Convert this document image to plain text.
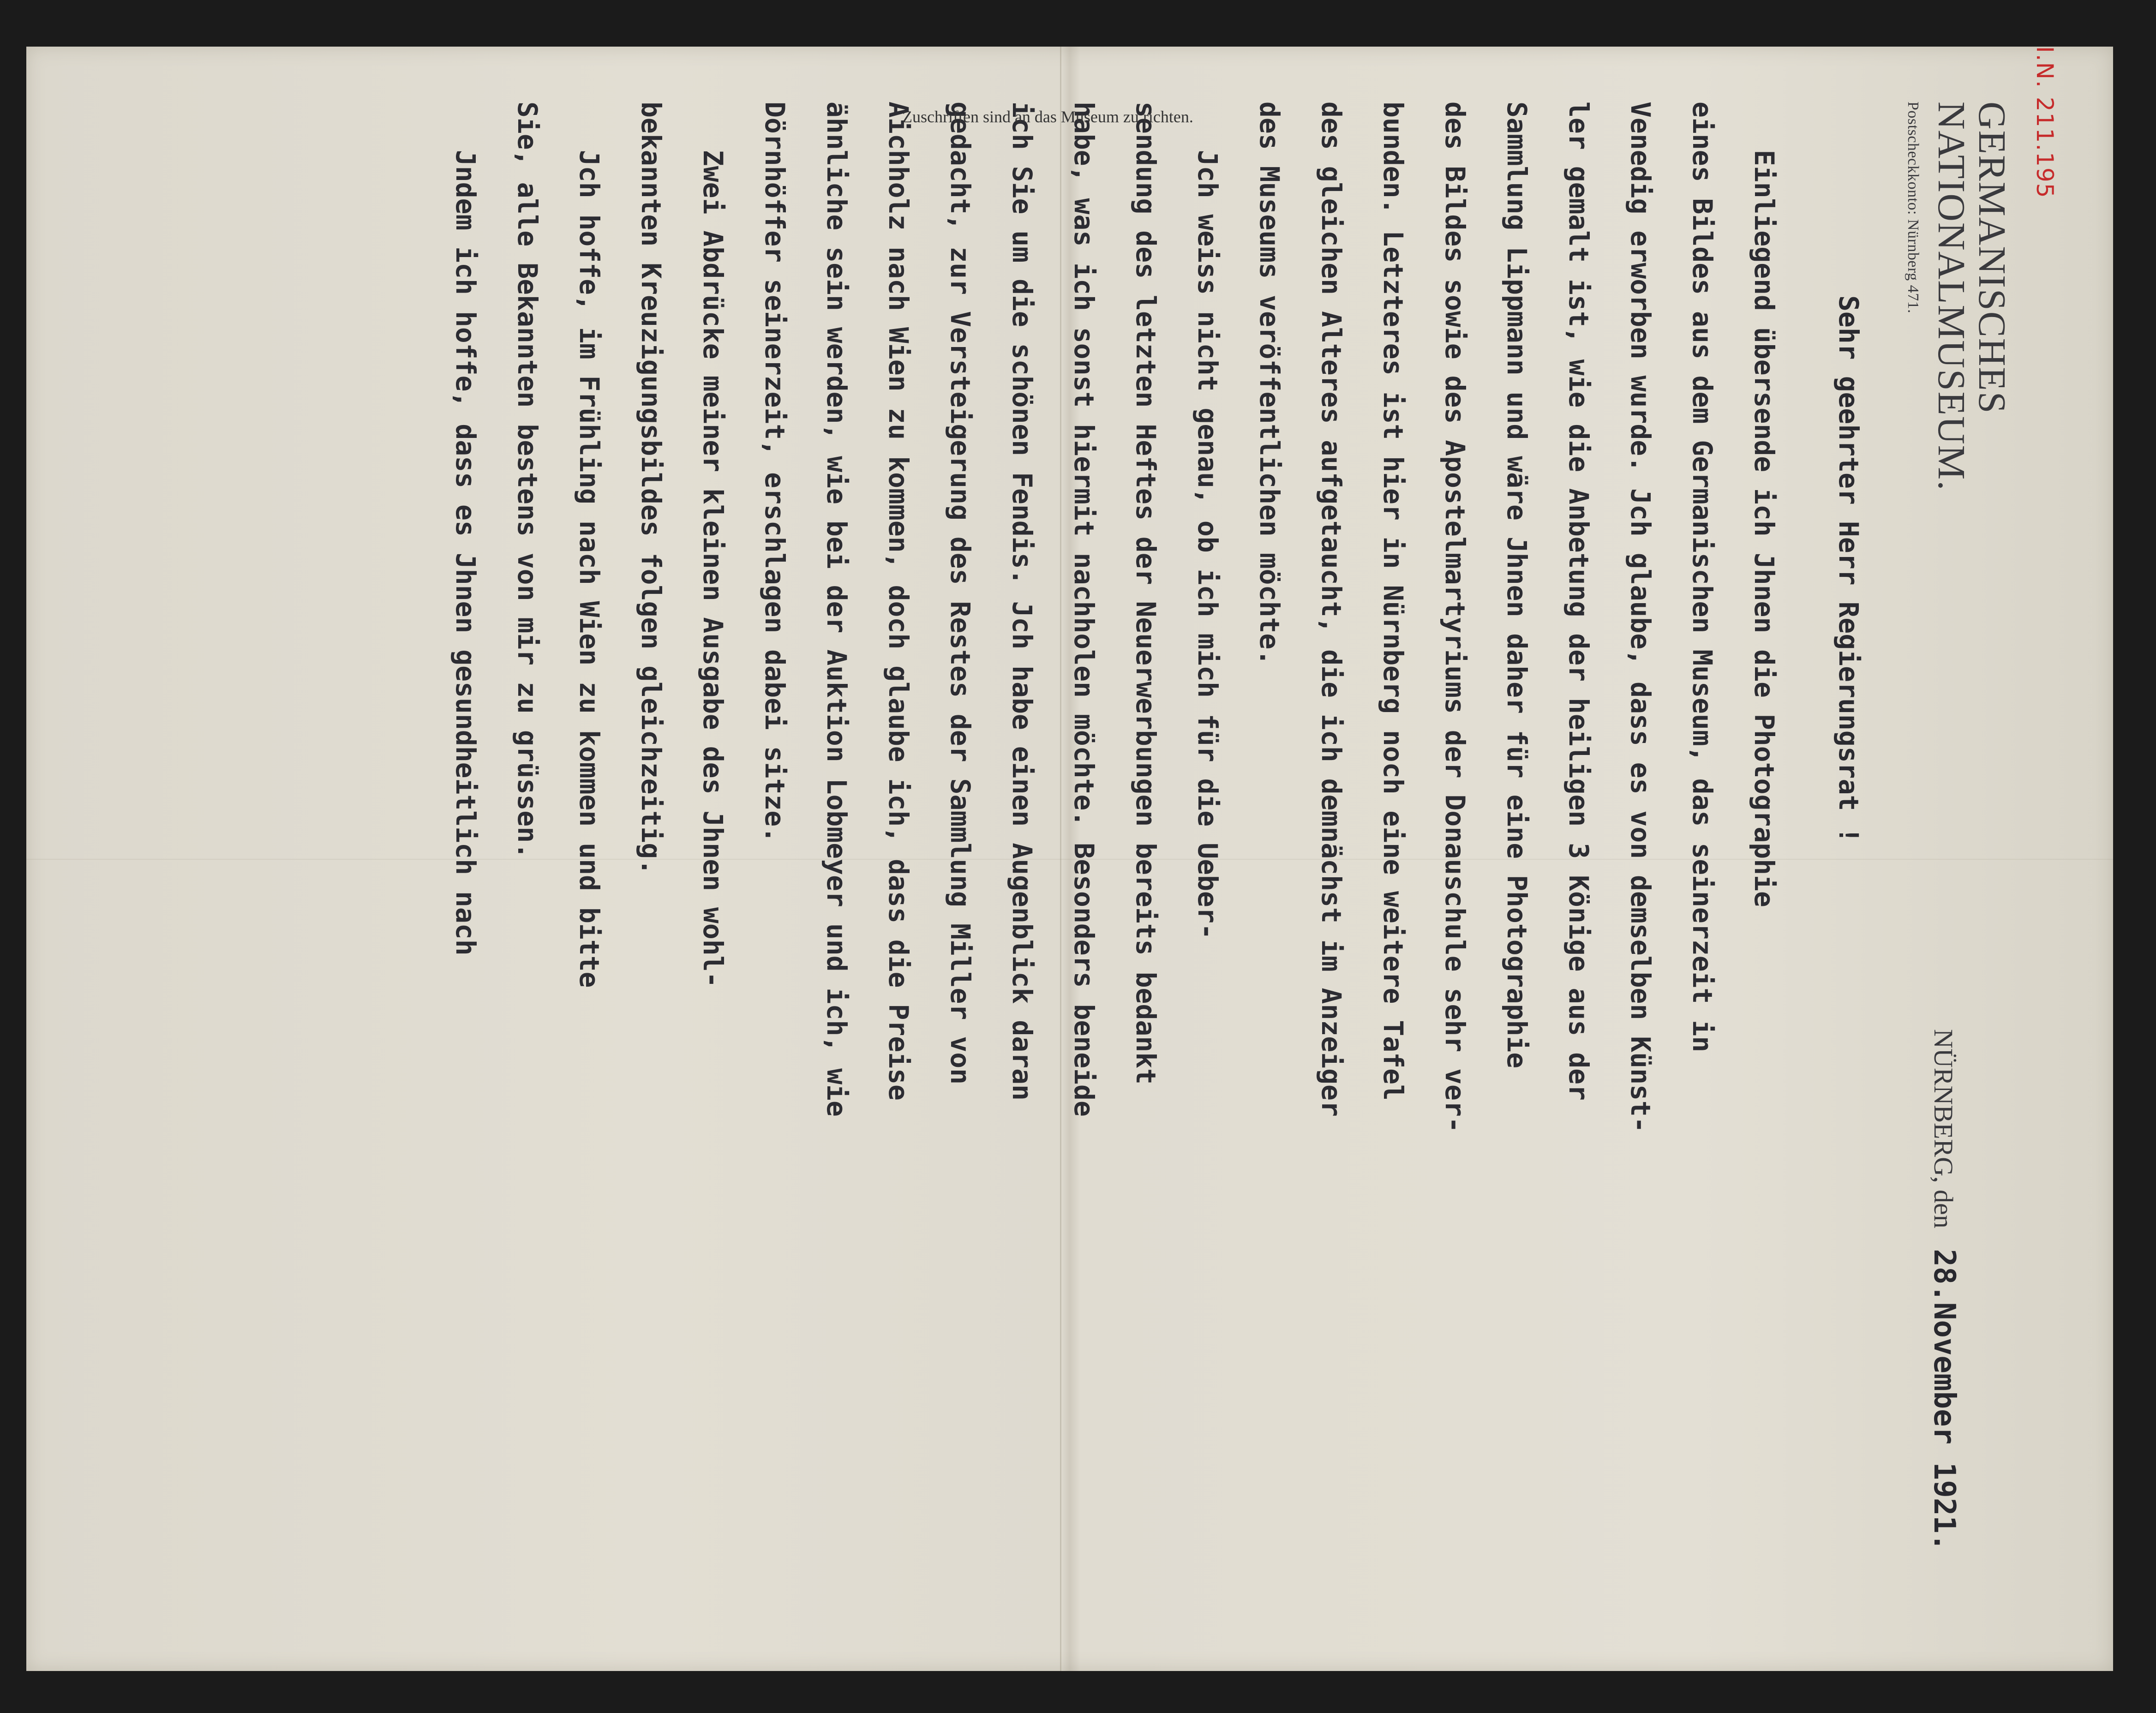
I.N. 211.195
GERMANISCHES
NATIONALMUSEUM.
Postscheckkonto: Nürnberg 471.
NÜRNBERG, den 28.November 1921.
Sehr geehrter Herr Regierungsrat !
Einliegend übersende ich Jhnen die Photographie
eines Bildes aus dem Germanischen Museum, das seinerzeit in
Venedig erworben wurde. Jch glaube, dass es von demselben Künst-
ler gemalt ist, wie die Anbetung der heiligen 3 Könige aus der
Sammlung Lippmann und wäre Jhnen daher für eine Photographie
des Bildes sowie des Apostelmartyriums der Donauschule sehr ver-
bunden. Letzteres ist hier in Nürnberg noch eine weitere Tafel
des gleichen Alteres aufgetaucht, die ich demnächst im Anzeiger
des Museums veröffentlichen möchte.
Jch weiss nicht genau, ob ich mich für die Ueber-
sendung des letzten Heftes der Neuerwerbungen bereits bedankt
habe, was ich sonst hiermit nachholen möchte. Besonders beneide
ich Sie um die schönen Fendis. Jch habe einen Augenblick daran
gedacht, zur Versteigerung des Restes der Sammlung Miller von
Aichholz nach Wien zu kommen, doch glaube ich, dass die Preise
ähnliche sein werden, wie bei der Auktion Lobmeyer und ich, wie
Dörnhöffer seinerzeit, erschlagen dabei sitze.
Zwei Abdrücke meiner kleinen Ausgabe des Jhnen wohl-
bekannten Kreuzigungsbildes folgen gleichzeitig.
Jch hoffe, im Frühling nach Wien zu kommen und bitte
Sie, alle Bekannten bestens von mir zu grüssen.
Jndem ich hoffe, dass es Jhnen gesundheitlich nach	Zuschriften sind an das Museum zu richten.
